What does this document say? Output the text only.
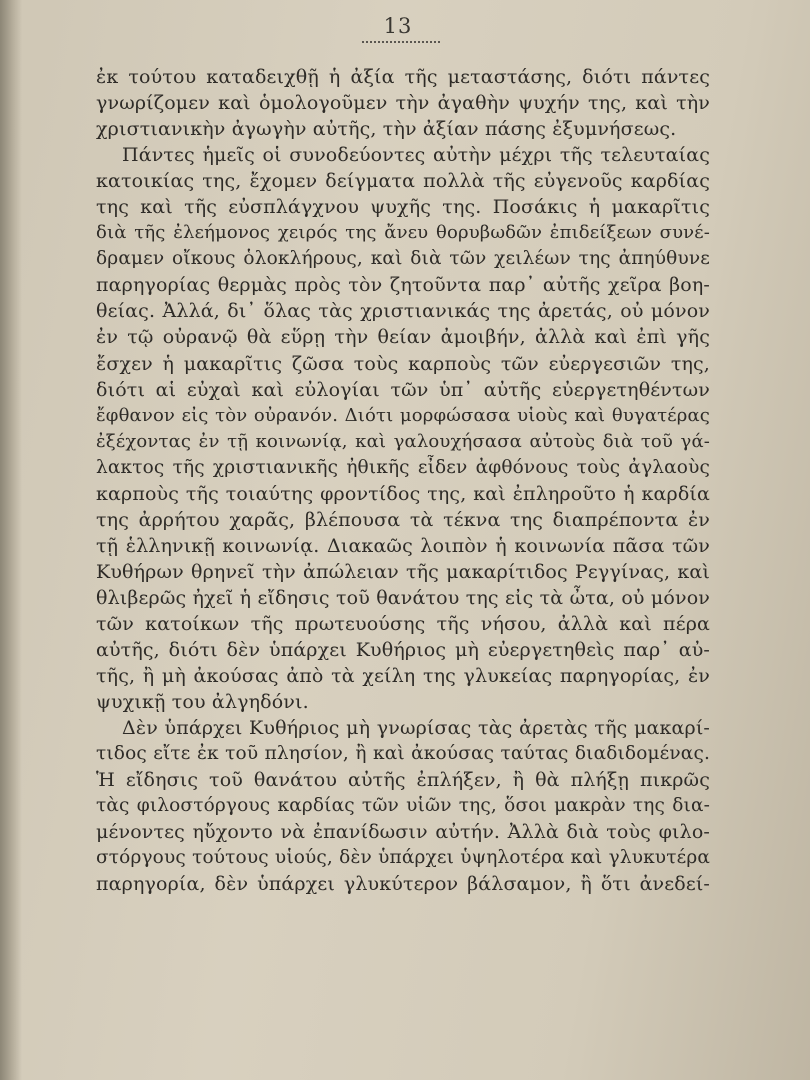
13
ἐκ τούτου καταδειχθῇ ἡ ἀξία τῆς μεταστάσης, διότι πάντες
γνωρίζομεν καὶ ὁμολογοῦμεν τὴν ἀγαθὴν ψυχήν της, καὶ τὴν
χριστιανικὴν ἀγωγὴν αὐτῆς, τὴν ἀξίαν πάσης ἐξυμνήσεως.
Πάντες ἡμεῖς οἱ συνοδεύοντες αὐτὴν μέχρι τῆς τελευταίας
κατοικίας της, ἔχομεν δείγματα πολλὰ τῆς εὐγενοῦς καρδίας
της καὶ τῆς εὐσπλάγχνου ψυχῆς της. Ποσάκις ἡ μακαρῖτις
διὰ τῆς ἐλεήμονος χειρός της ἄνευ θορυβωδῶν ἐπιδείξεων συνέ-
δραμεν οἴκους ὁλοκλήρους, καὶ διὰ τῶν χειλέων της ἀπηύθυνε
παρηγορίας θερμὰς πρὸς τὸν ζητοῦντα παρ᾽ αὐτῆς χεῖρα βοη-
θείας. Ἀλλά, δι᾽ ὅλας τὰς χριστιανικάς της ἀρετάς, οὐ μόνον
ἐν τῷ οὐρανῷ θὰ εὕρῃ τὴν θείαν ἀμοιβήν, ἀλλὰ καὶ ἐπὶ γῆς
ἔσχεν ἡ μακαρῖτις ζῶσα τοὺς καρποὺς τῶν εὐεργεσιῶν της,
διότι αἱ εὐχαὶ καὶ εὐλογίαι τῶν ὑπ᾽ αὐτῆς εὐεργετηθέντων
ἔφθανον εἰς τὸν οὐρανόν. Διότι μορφώσασα υἱοὺς καὶ θυγατέρας
ἐξέχοντας ἐν τῇ κοινωνίᾳ, καὶ γαλουχήσασα αὐτοὺς διὰ τοῦ γά-
λακτος τῆς χριστιανικῆς ἠθικῆς εἶδεν ἀφθόνους τοὺς ἀγλαοὺς
καρποὺς τῆς τοιαύτης φροντίδος της, καὶ ἐπληροῦτο ἡ καρδία
της ἀρρήτου χαρᾶς, βλέπουσα τὰ τέκνα της διαπρέποντα ἐν
τῇ ἑλληνικῇ κοινωνίᾳ. Διακαῶς λοιπὸν ἡ κοινωνία πᾶσα τῶν
Κυθήρων θρηνεῖ τὴν ἀπώλειαν τῆς μακαρίτιδος Ρεγγίνας, καὶ
θλιβερῶς ἠχεῖ ἡ εἴδησις τοῦ θανάτου της εἰς τὰ ὦτα, οὐ μόνον
τῶν κατοίκων τῆς πρωτευούσης τῆς νήσου, ἀλλὰ καὶ πέρα
αὐτῆς, διότι δὲν ὑπάρχει Κυθήριος μὴ εὐεργετηθεὶς παρ᾽ αὐ-
τῆς, ἢ μὴ ἀκούσας ἀπὸ τὰ χείλη της γλυκείας παρηγορίας, ἐν
ψυχικῇ του ἀλγηδόνι.
Δὲν ὑπάρχει Κυθήριος μὴ γνωρίσας τὰς ἀρετὰς τῆς μακαρί-
τιδος εἴτε ἐκ τοῦ πλησίον, ἢ καὶ ἀκούσας ταύτας διαδιδομένας.
Ἡ εἴδησις τοῦ θανάτου αὐτῆς ἐπλήξεν, ἢ θὰ πλήξῃ πικρῶς
τὰς φιλοστόργους καρδίας τῶν υἱῶν της, ὅσοι μακρὰν της δια-
μένοντες ηὔχοντο νὰ ἐπανίδωσιν αὐτήν. Ἀλλὰ διὰ τοὺς φιλο-
στόργους τούτους υἱούς, δὲν ὑπάρχει ὑψηλοτέρα καὶ γλυκυτέρα
παρηγορία, δὲν ὑπάρχει γλυκύτερον βάλσαμον, ἢ ὅτι ἀνεδεί-
